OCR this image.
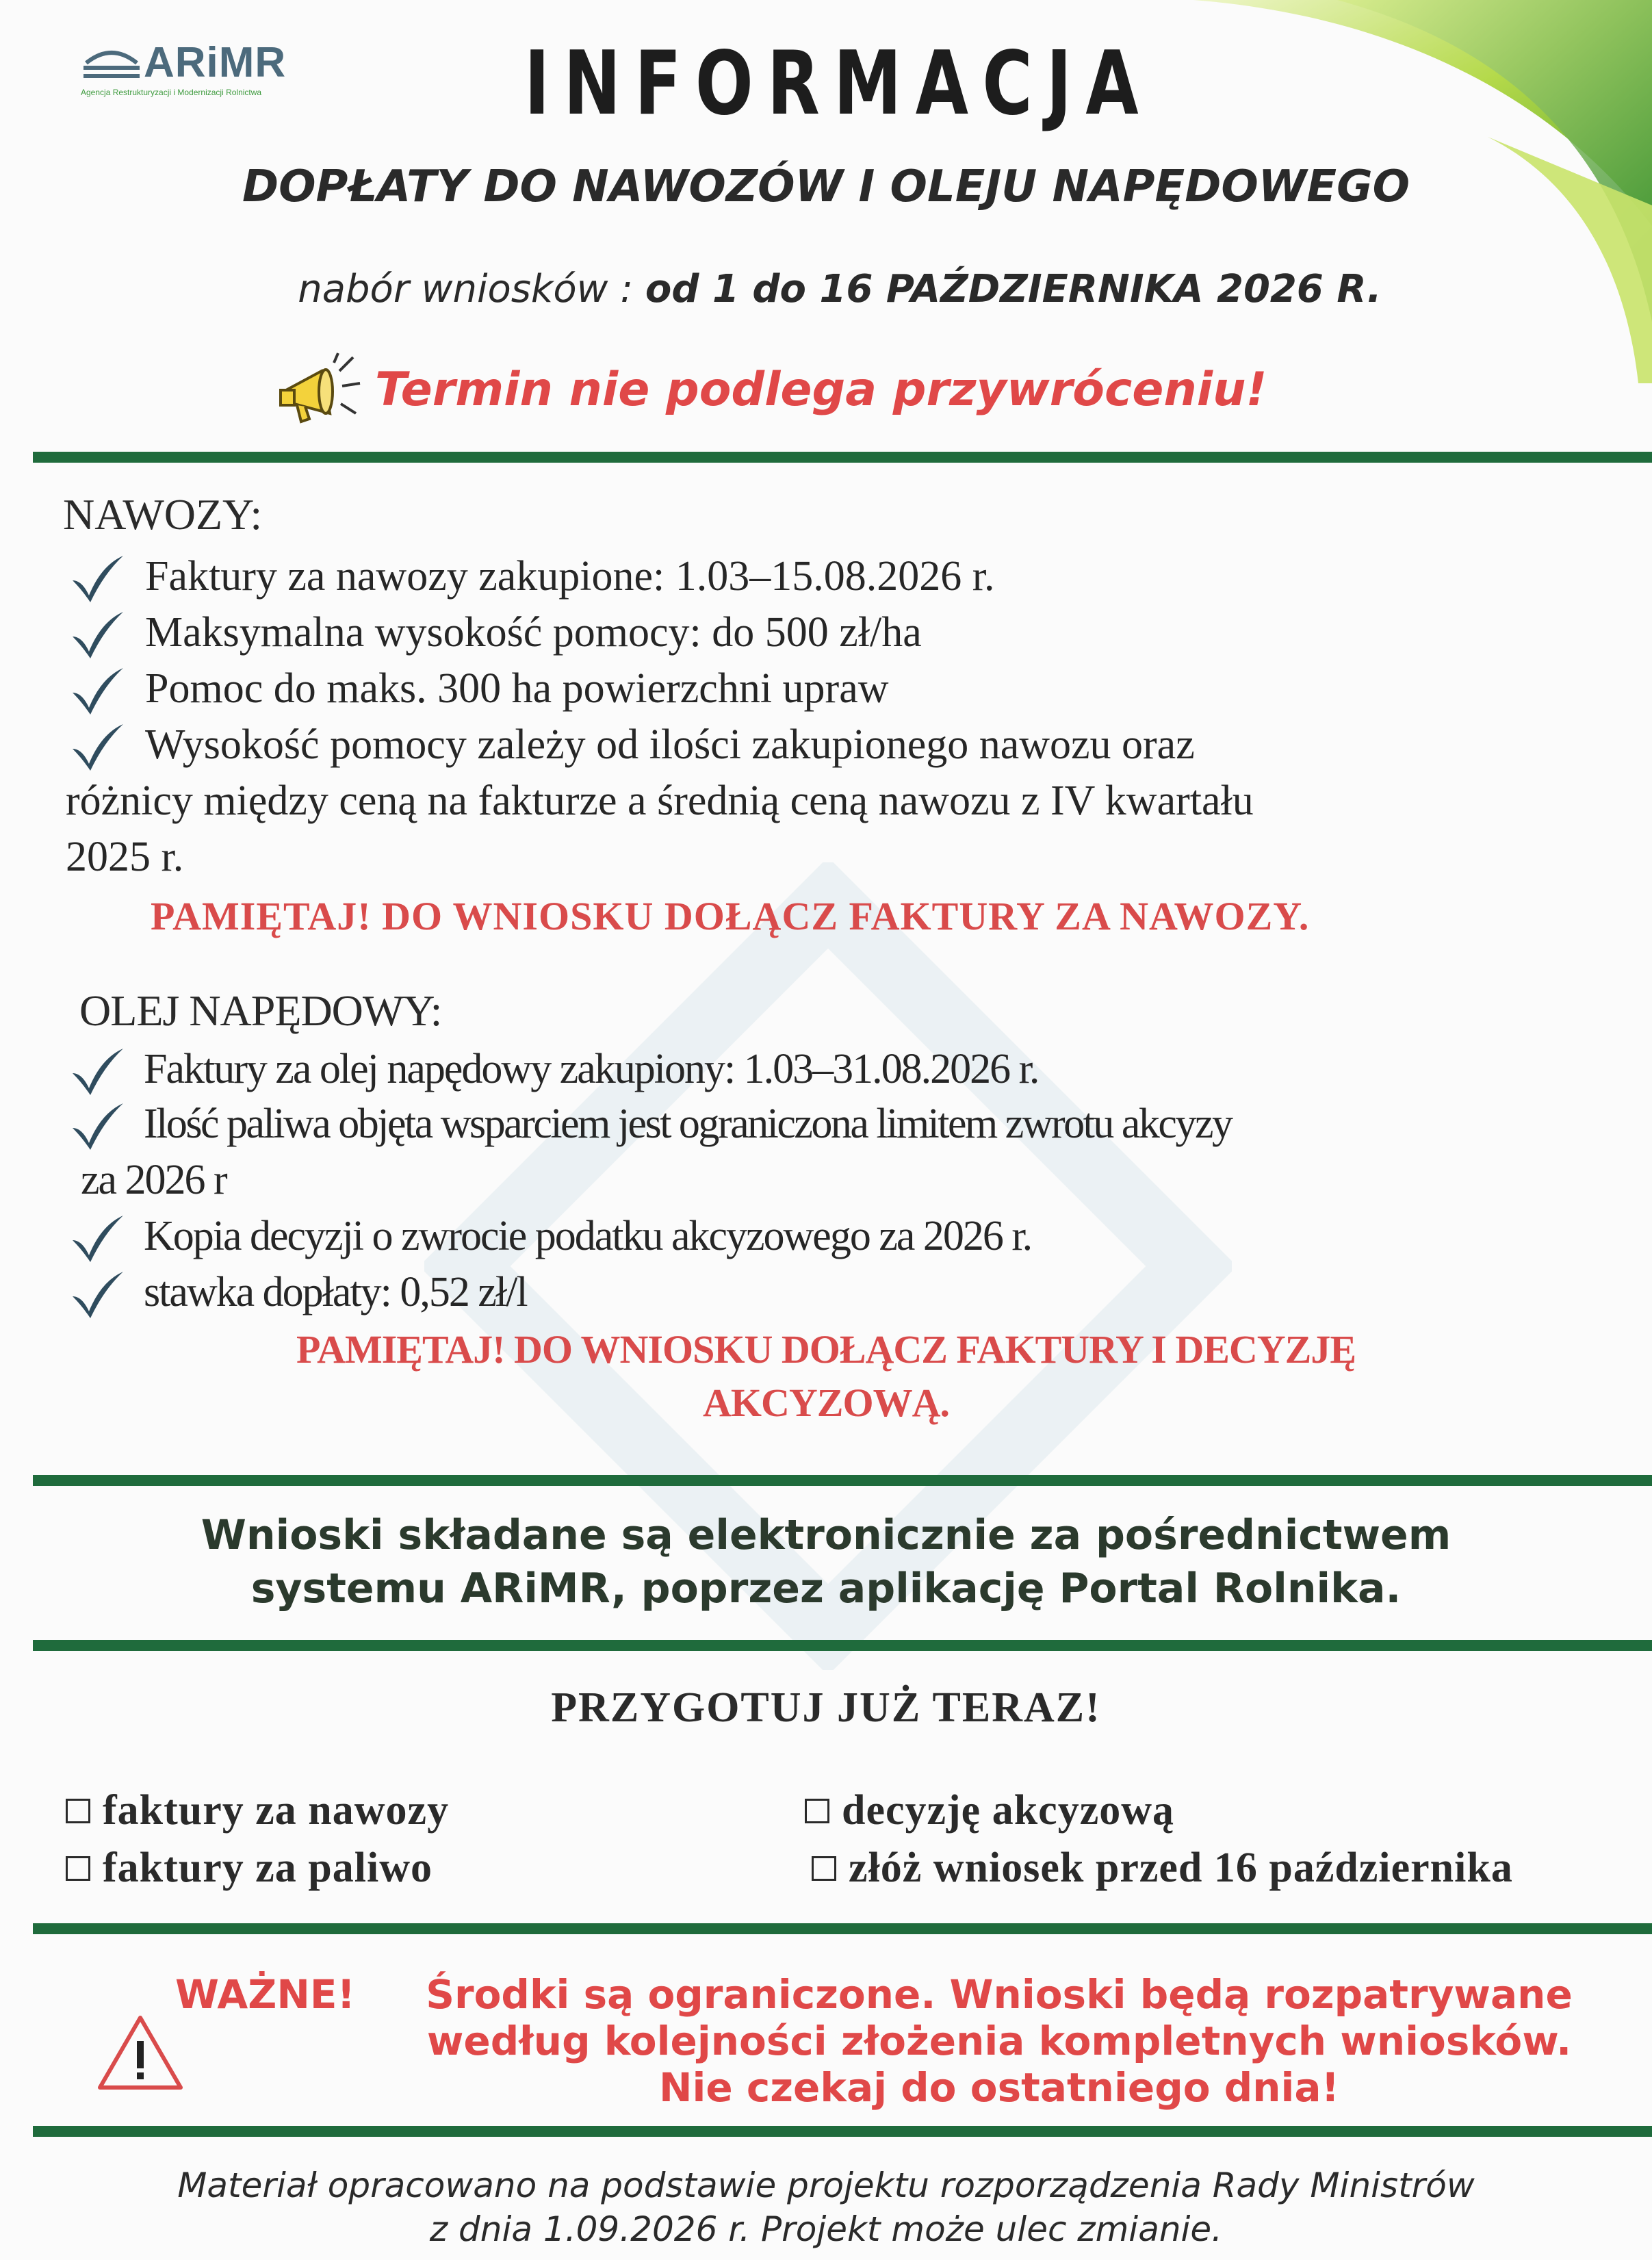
ARiMR
Agencja Restrukturyzacji i Modernizacji Rolnictwa	INFORMACJA
DOPŁATY DO NAWOZÓW I OLEJU NAPĘDOWEGO
nabór wniosków : od 1 do 16 PAŹDZIERNIKA 2026 R.
Termin nie podlega przywróceniu!
NAWOZY:
Faktury za nawozy zakupione: 1.03–15.08.2026 r.
Maksymalna wysokość pomocy: do 500 zł/ha
Pomoc do maks. 300 ha powierzchni upraw
Wysokość pomocy zależy od ilości zakupionego nawozu oraz
różnicy między ceną na fakturze a średnią ceną nawozu z IV kwartału
2025 r.
PAMIĘTAJ! DO WNIOSKU DOŁĄCZ FAKTURY ZA NAWOZY.
OLEJ NAPĘDOWY:
Faktury za olej napędowy zakupiony: 1.03–31.08.2026 r.
Ilość paliwa objęta wsparciem jest ograniczona limitem zwrotu akcyzy
za 2026 r
Kopia decyzji o zwrocie podatku akcyzowego za 2026 r.
stawka dopłaty: 0,52 zł/l
PAMIĘTAJ! DO WNIOSKU DOŁĄCZ FAKTURY I DECYZJĘ
AKCYZOWĄ.
Wnioski składane są elektronicznie za pośrednictwem
systemu ARiMR, poprzez aplikację Portal Rolnika.
PRZYGOTUJ JUŻ TERAZ!
faktury za nawozy
faktury za paliwo
decyzję akcyzową
złóż wniosek przed 16 października
WAŻNE!	Środki są ograniczone. Wnioski będą rozpatrywane
według kolejności złożenia kompletnych wniosków.
Nie czekaj do ostatniego dnia!
Materiał opracowano na podstawie projektu rozporządzenia Rady Ministrów
z dnia 1.09.2026 r. Projekt może ulec zmianie.
